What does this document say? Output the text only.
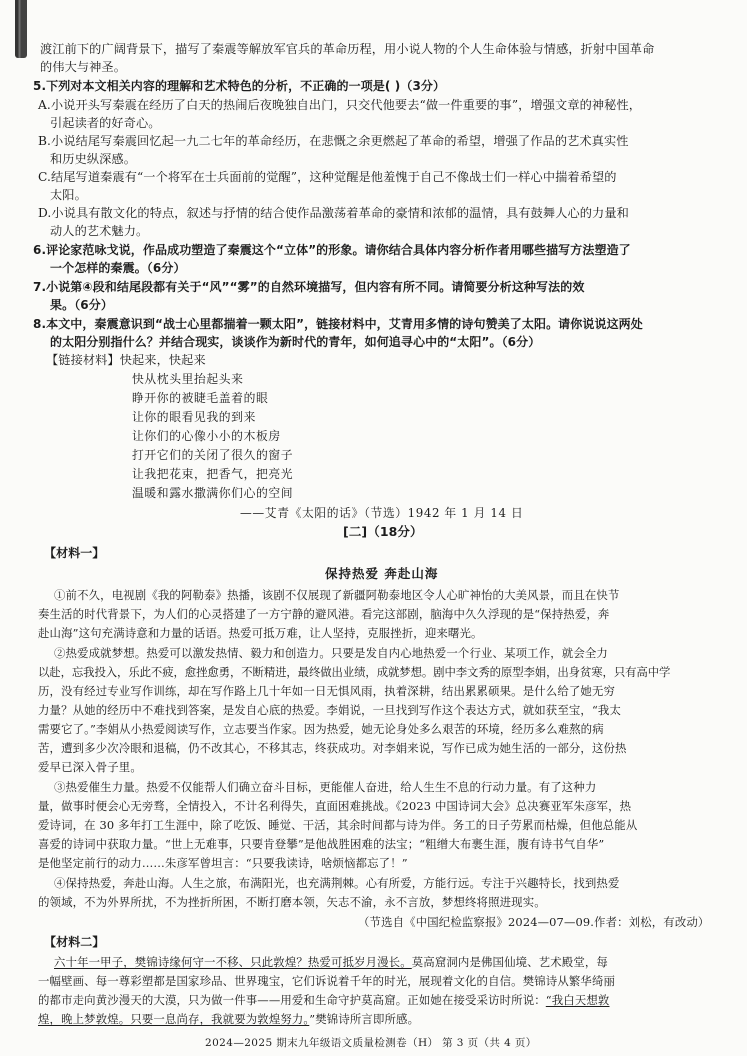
渡江前下的广阔背景下，描写了秦震等解放军官兵的革命历程，用小说人物的个人生命体验与情感，折射中国革命
的伟大与神圣。
5.下列对本文相关内容的理解和艺术特色的分析，不正确的一项是( )（3分）
A.小说开头写秦震在经历了白天的热闹后夜晚独自出门，只交代他要去“做一件重要的事”，增强文章的神秘性，
引起读者的好奇心。
B.小说结尾写秦震回忆起一九二七年的革命经历，在悲慨之余更燃起了革命的希望，增强了作品的艺术真实性
和历史纵深感。
C.结尾写道秦震有“一个将军在士兵面前的觉醒”，这种觉醒是他羞愧于自己不像战士们一样心中揣着希望的
太阳。
D.小说具有散文化的特点，叙述与抒情的结合使作品激荡着革命的豪情和浓郁的温情，具有鼓舞人心的力量和
动人的艺术魅力。
6.评论家范咏戈说，作品成功塑造了秦震这个“立体”的形象。请你结合具体内容分析作者用哪些描写方法塑造了
一个怎样的秦震。（6分）
7.小说第④段和结尾段都有关于“风”“雾”的自然环境描写，但内容有所不同。请简要分析这种写法的效
果。（6分）
8.本文中，秦震意识到“战士心里都揣着一颗太阳”，链接材料中，艾青用多情的诗句赞美了太阳。请你说说这两处
的太阳分别指什么？并结合现实，谈谈作为新时代的青年，如何追寻心中的“太阳”。（6分）
【链接材料】快起来，快起来
快从枕头里抬起头来
睁开你的被睫毛盖着的眼
让你的眼看见我的到来
让你们的心像小小的木板房
打开它们的关闭了很久的窗子
让我把花束，把香气，把亮光
温暖和露水撒满你们心的空间
——艾青《太阳的话》（节选）1942 年 1 月 14 日
[二]（18分）
【材料一】
保持热爱 奔赴山海
①前不久，电视剧《我的阿勒泰》热播，该剧不仅展现了新疆阿勒泰地区令人心旷神怡的大美风景，而且在快节
奏生活的时代背景下，为人们的心灵搭建了一方宁静的避风港。看完这部剧，脑海中久久浮现的是“保持热爱，奔
赴山海”这句充满诗意和力量的话语。热爱可抵万难，让人坚持，克服挫折，迎来曙光。
②热爱成就梦想。热爱可以激发热情、毅力和创造力。只要是发自内心地热爱一个行业、某项工作，就会全力
以赴，忘我投入，乐此不疲，愈挫愈勇，不断精进，最终做出业绩，成就梦想。剧中李文秀的原型李娟，出身贫寒，只有高中学
历，没有经过专业写作训练，却在写作路上几十年如一日无惧风雨，执着深耕，结出累累硕果。是什么给了她无穷
力量？从她的经历中不难找到答案，是发自心底的热爱。李娟说，一旦找到写作这个表达方式，就如获至宝，“我太
需要它了。”李娟从小热爱阅读写作，立志要当作家。因为热爱，她无论身处多么艰苦的环境，经历多么难熬的病
苦，遭到多少次冷眼和退稿，仍不改其心，不移其志，终获成功。对李娟来说，写作已成为她生活的一部分，这份热
爱早已深入骨子里。
③热爱催生力量。热爱不仅能帮人们确立奋斗目标，更能催人奋进，给人生生不息的行动力量。有了这种力
量，做事时便会心无旁骛，全情投入，不计名利得失，直面困难挑战。《2023 中国诗词大会》总决赛亚军朱彦军，热
爱诗词，在 30 多年打工生涯中，除了吃饭、睡觉、干活，其余时间都与诗为伴。务工的日子劳累而枯燥，但他总能从
喜爱的诗词中获取力量。“世上无难事，只要肯登攀”是他战胜困难的法宝；“粗缯大布裹生涯，腹有诗书气自华”
是他坚定前行的动力……朱彦军曾坦言：“只要我读诗，啥烦恼都忘了！”
④保持热爱，奔赴山海。人生之旅，布满阳光，也充满荆棘。心有所爱，方能行远。专注于兴趣特长，找到热爱
的领域，不为外界所扰，不为挫折所困，不断打磨本领，矢志不渝，永不言放，梦想终将照进现实。
（节选自《中国纪检监察报》2024—07—09.作者：刘松，有改动）
【材料二】
六十年一甲子，樊锦诗缘何守一不移、只此敦煌？热爱可抵岁月漫长。莫高窟洞内是佛国仙境、艺术殿堂，每
一幅壁画、每一尊彩塑都是国家珍品、世界瑰宝，它们诉说着千年的时光，展现着文化的自信。樊锦诗从繁华绮丽
的都市走向黄沙漫天的大漠，只为做一件事——用爱和生命守护莫高窟。正如她在接受采访时所说：“我白天想敦
煌，晚上梦敦煌。只要一息尚存，我就要为敦煌努力。”樊锦诗所言即所感。
2024—2025 期末九年级语文质量检测卷（H） 第 3 页（共 4 页）
